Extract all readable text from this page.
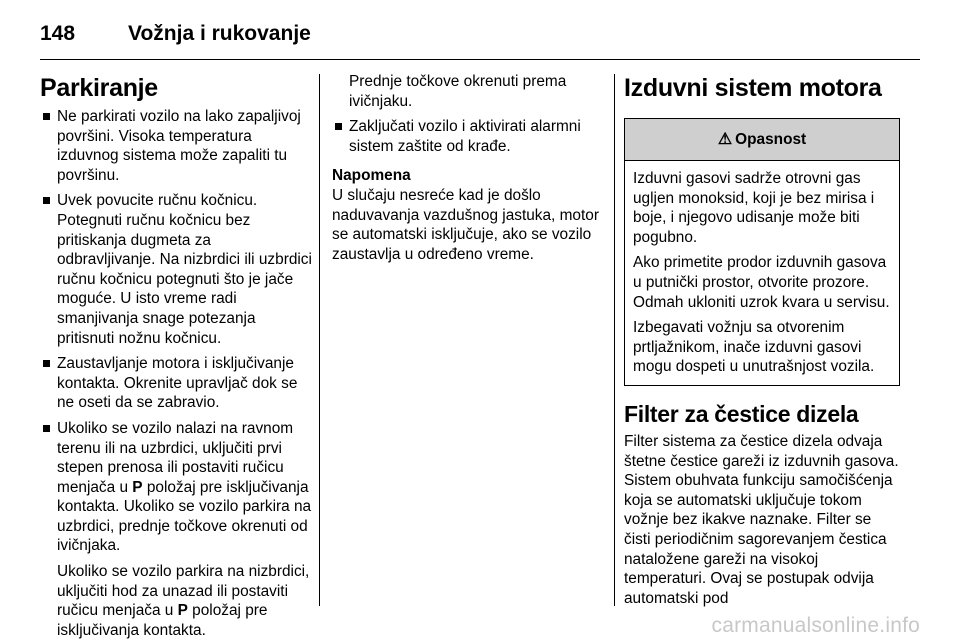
148	Vožnja i rukovanje
Parkiranje
Ne parkirati vozilo na lako zapaljivoj površini. Visoka temperatura izduvnog sistema može zapaliti tu površinu.
Uvek povucite ručnu kočnicu. Potegnuti ručnu kočnicu bez pritiskanja dugmeta za odbravljivanje. Na nizbrdici ili uzbrdici ručnu kočnicu potegnuti što je jače moguće. U isto vreme radi smanjivanja snage potezanja pritisnuti nožnu kočnicu.
Zaustavljanje motora i isključivanje kontakta. Okrenite upravljač dok se ne oseti da se zabravio.
Ukoliko se vozilo nalazi na ravnom terenu ili na uzbrdici, uključiti prvi stepen prenosa ili postaviti ručicu menjača u P položaj pre isključivanja kontakta. Ukoliko se vozilo parkira na uzbrdici, prednje točkove okrenuti od ivičnjaka.

Ukoliko se vozilo parkira na nizbrdici, uključiti hod za unazad ili postaviti ručicu menjača u P položaj pre isključivanja kontakta.

Prednje točkove okrenuti prema ivičnjaku.

Zaključati vozilo i aktivirati alarmni sistem zaštite od krađe.
Napomena

U slučaju nesreće kad je došlo naduvavanja vazdušnog jastuka, motor se automatski isključuje, ako se vozilo zaustavlja u određeno vreme.

Izduvni sistem motora
⚠ Opasnost

Izduvni gasovi sadrže otrovni gas ugljen monoksid, koji je bez mirisa i boje, i njegovo udisanje može biti pogubno.

Ako primetite prodor izduvnih gasova u putnički prostor, otvorite prozore. Odmah ukloniti uzrok kvara u servisu.

Izbegavati vožnju sa otvorenim prtljažnikom, inače izduvni gasovi mogu dospeti u unutrašnjost vozila.

Filter za čestice dizela

Filter sistema za čestice dizela odvaja štetne čestice gareži iz izduvnih gasova. Sistem obuhvata funkciju samočišćenja koja se automatski uključuje tokom vožnje bez ikakve naznake. Filter se čisti periodičnim sagorevanjem čestica nataložene gareži na visokoj temperaturi. Ovaj se postupak odvija automatski pod

carmanualsonline.info
